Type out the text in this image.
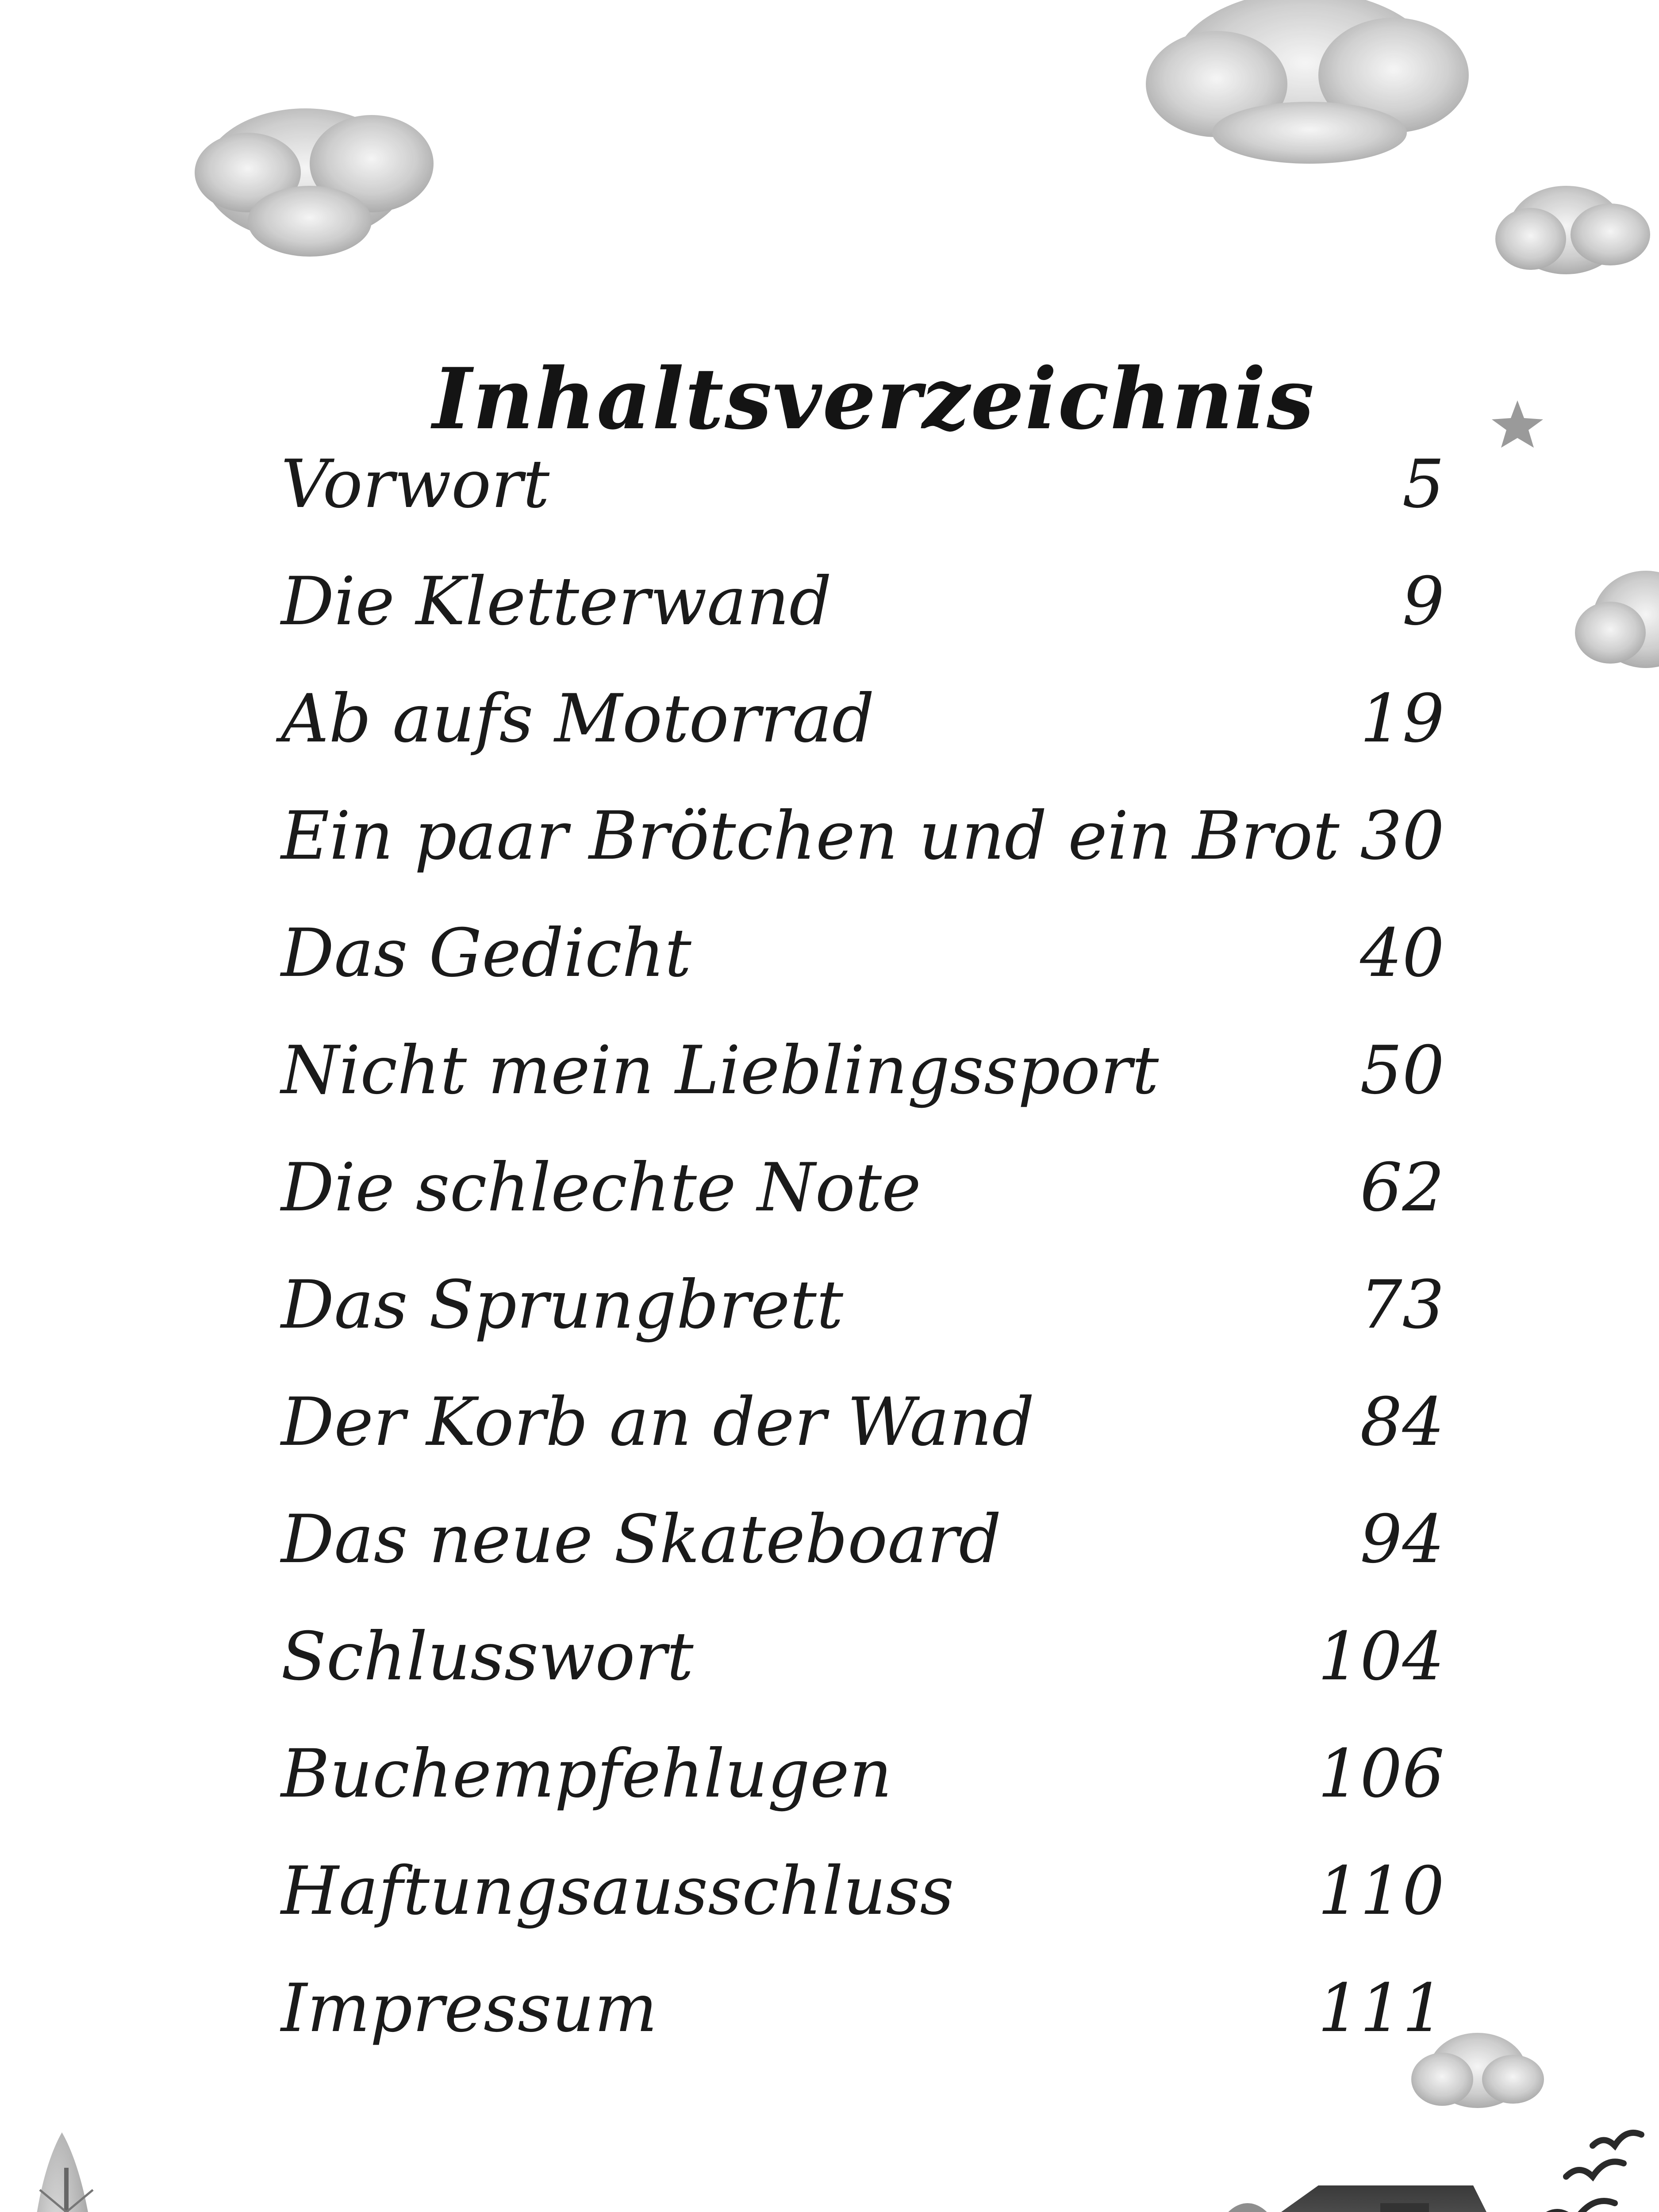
Inhaltsverzeichnis
Vorwort	5
Die Kletterwand	9
Ab aufs Motorrad	19
Ein paar Brötchen und ein Brot 30
Das Gedicht	40
Nicht mein Lieblingssport	50
Die schlechte Note	62
Das Sprungbrett	73
Der Korb an der Wand	84
Das neue Skateboard	94
Schlusswort	104
Buchempfehlugen	106
Haftungsausschluss	110
Impressum	111
